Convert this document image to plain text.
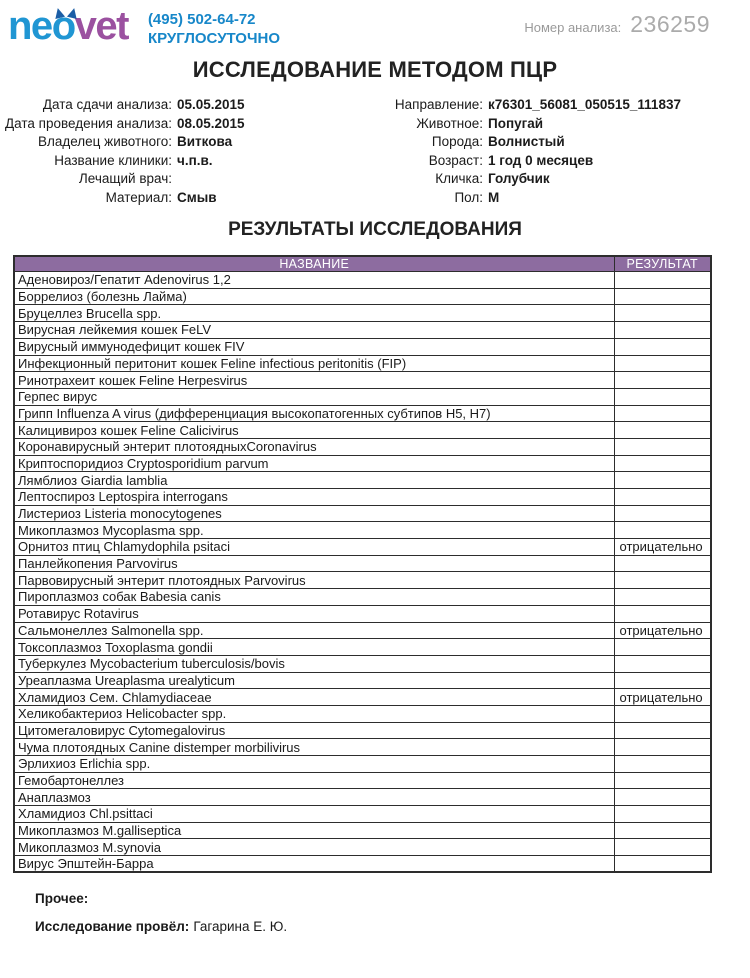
neovet (495) 502-64-72
КРУГЛОСУТОЧНО
Номер анализа: 236259
ИССЛЕДОВАНИЕ МЕТОДОМ ПЦР
Дата сдачи анализа: 05.05.2015
Дата проведения анализа: 08.05.2015
Владелец животного: Виткова
Название клиники: ч.п.в.
Лечащий врач:
Материал: Смыв
Направление: к76301_56081_050515_111837
Животное: Попугай
Порода: Волнистый
Возраст: 1 год 0 месяцев
Кличка: Голубчик
Пол: М
РЕЗУЛЬТАТЫ ИССЛЕДОВАНИЯ
НАЗВАНИЕ	РЕЗУЛЬТАТ
Аденовироз/Гепатит Adenovirus 1,2	
Боррелиоз (болезнь Лайма)	
Бруцеллез Brucella spp.	
Вирусная лейкемия кошек FeLV	
Вирусный иммунодефицит кошек FIV	
Инфекционный перитонит кошек Feline infectious peritonitis (FIP)	
Ринотрахеит кошек Feline Herpesvirus	
Герпес вирус	
Грипп Influenza A virus (дифференциация высокопатогенных субтипов H5, H7)	
Калицивироз кошек Feline Calicivirus	
Коронавирусный энтерит плотоядныхCoronavirus	
Криптоспоридиоз Cryptosporidium parvum	
Лямблиоз Giardia lamblia	
Лептоспироз Leptospira interrogans	
Листериоз Listeria monocytogenes	
Микоплазмоз Mycoplasma spp.	
Орнитоз птиц Chlamydophila psitaci	отрицательно
Панлейкопения Parvovirus	
Парвовирусный энтерит плотоядных Parvovirus	
Пироплазмоз собак Babesia canis	
Ротавирус Rotavirus	
Сальмонеллез Salmonella spp.	отрицательно
Токсоплазмоз Toxoplasma gondii	
Туберкулез Mycobacterium tuberculosis/bovis	
Уреаплазма Ureaplasma urealyticum	
Хламидиоз Сем. Chlamydiaceae	отрицательно
Хеликобактериоз Helicobacter spp.	
Цитомегаловирус Cytomegalovirus	
Чума плотоядных Canine distemper morbilivirus	
Эрлихиоз Erlichia spp.	
Гемобартонеллез	
Анаплазмоз	
Хламидиоз Chl.psittaci	
Микоплазмоз M.galliseptica	
Микоплазмоз M.synovia	
Вирус Эпштейн-Барра	
Прочее:
Исследование провёл: Гагарина Е. Ю.
